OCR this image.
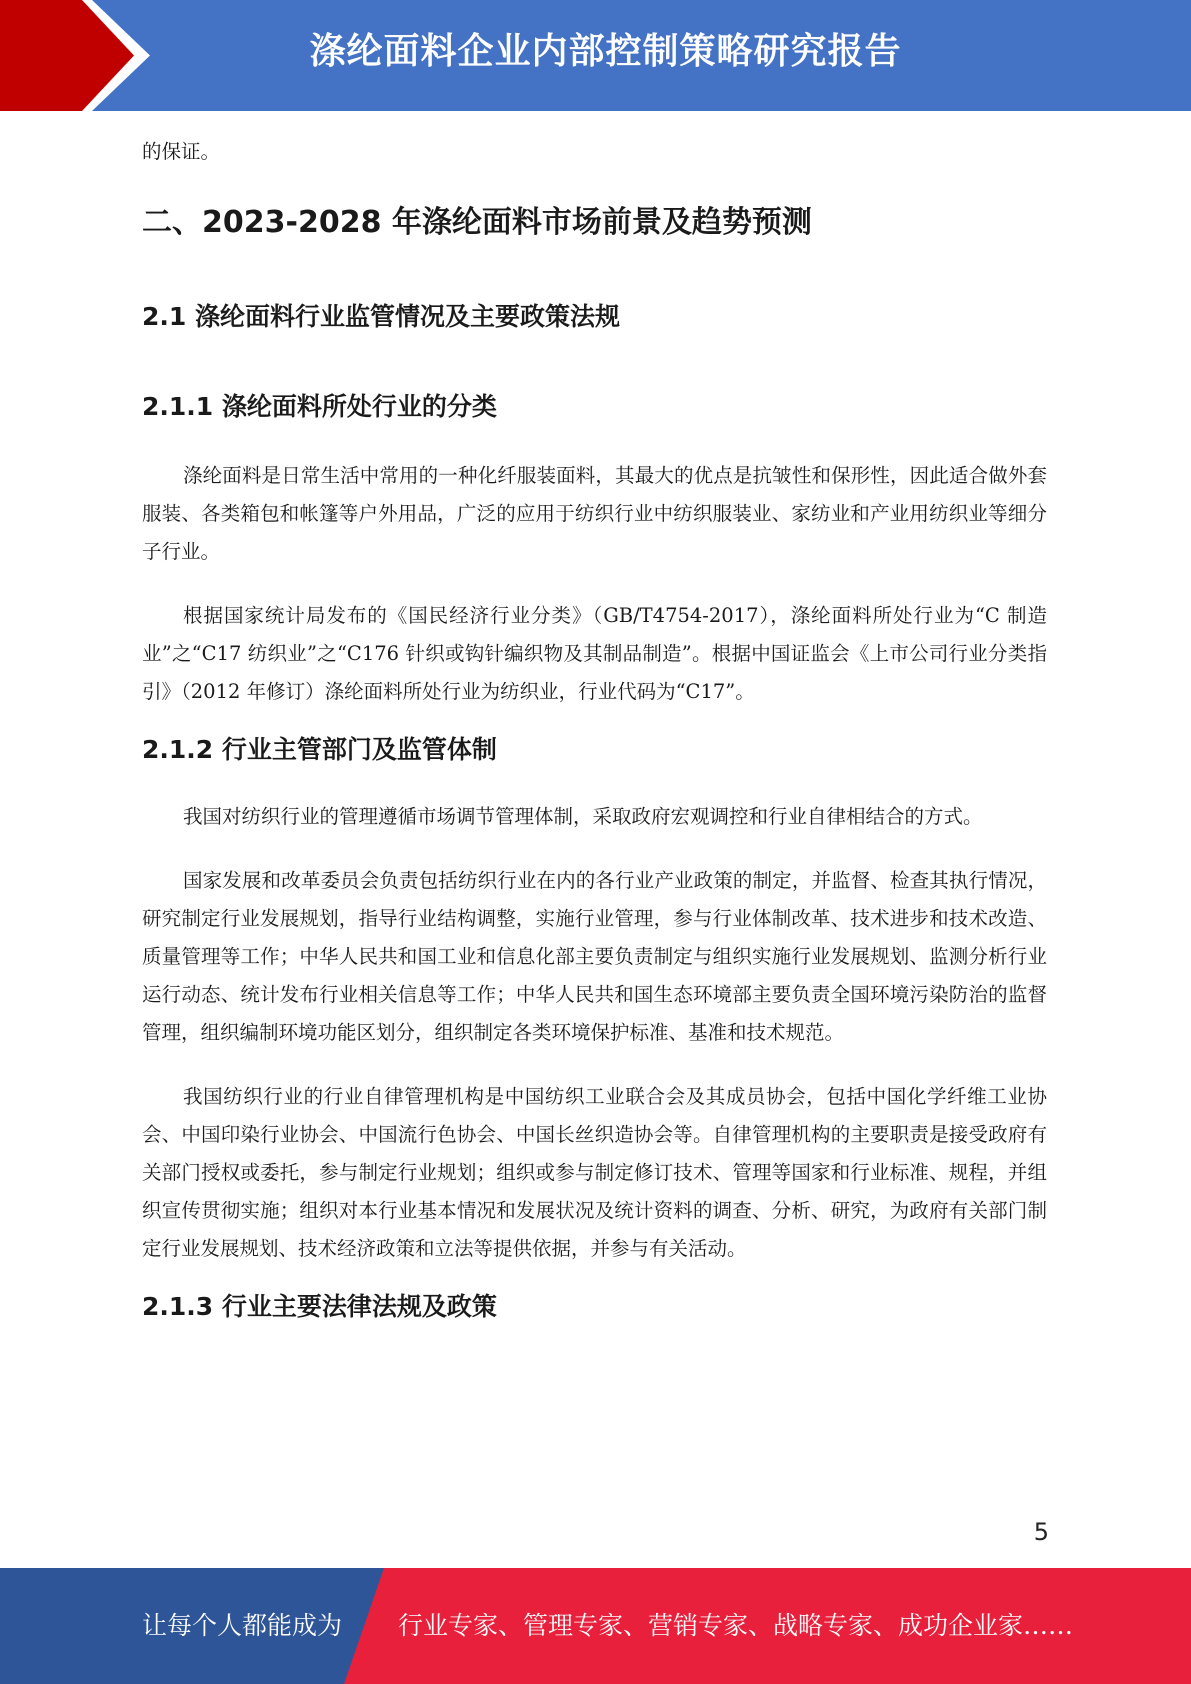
涤纶面料企业内部控制策略研究报告

的保证。

二、2023-2028 年涤纶面料市场前景及趋势预测
2.1 涤纶面料行业监管情况及主要政策法规
2.1.1 涤纶面料所处行业的分类

涤纶面料是日常生活中常用的一种化纤服装面料，其最大的优点是抗皱性和保形性，因此适合做外套服装、各类箱包和帐篷等户外用品，广泛的应用于纺织行业中纺织服装业、家纺业和产业用纺织业等细分子行业。

根据国家统计局发布的《国民经济行业分类》（GB/T4754-2017），涤纶面料所处行业为“C 制造业”之“C17 纺织业”之“C176 针织或钩针编织物及其制品制造”。根据中国证监会《上市公司行业分类指引》（2012 年修订）涤纶面料所处行业为纺织业，行业代码为“C17”。

2.1.2 行业主管部门及监管体制

我国对纺织行业的管理遵循市场调节管理体制，采取政府宏观调控和行业自律相结合的方式。

国家发展和改革委员会负责包括纺织行业在内的各行业产业政策的制定，并监督、检查其执行情况，研究制定行业发展规划，指导行业结构调整，实施行业管理，参与行业体制改革、技术进步和技术改造、质量管理等工作；中华人民共和国工业和信息化部主要负责制定与组织实施行业发展规划、监测分析行业运行动态、统计发布行业相关信息等工作；中华人民共和国生态环境部主要负责全国环境污染防治的监督管理，组织编制环境功能区划分，组织制定各类环境保护标准、基准和技术规范。

我国纺织行业的行业自律管理机构是中国纺织工业联合会及其成员协会，包括中国化学纤维工业协会、中国印染行业协会、中国流行色协会、中国长丝织造协会等。自律管理机构的主要职责是接受政府有关部门授权或委托，参与制定行业规划；组织或参与制定修订技术、管理等国家和行业标准、规程，并组织宣传贯彻实施；组织对本行业基本情况和发展状况及统计资料的调查、分析、研究，为政府有关部门制定行业发展规划、技术经济政策和立法等提供依据，并参与有关活动。

2.1.3 行业主要法律法规及政策
5
让每个人都能成为 行业专家、管理专家、营销专家、战略专家、成功企业家……
